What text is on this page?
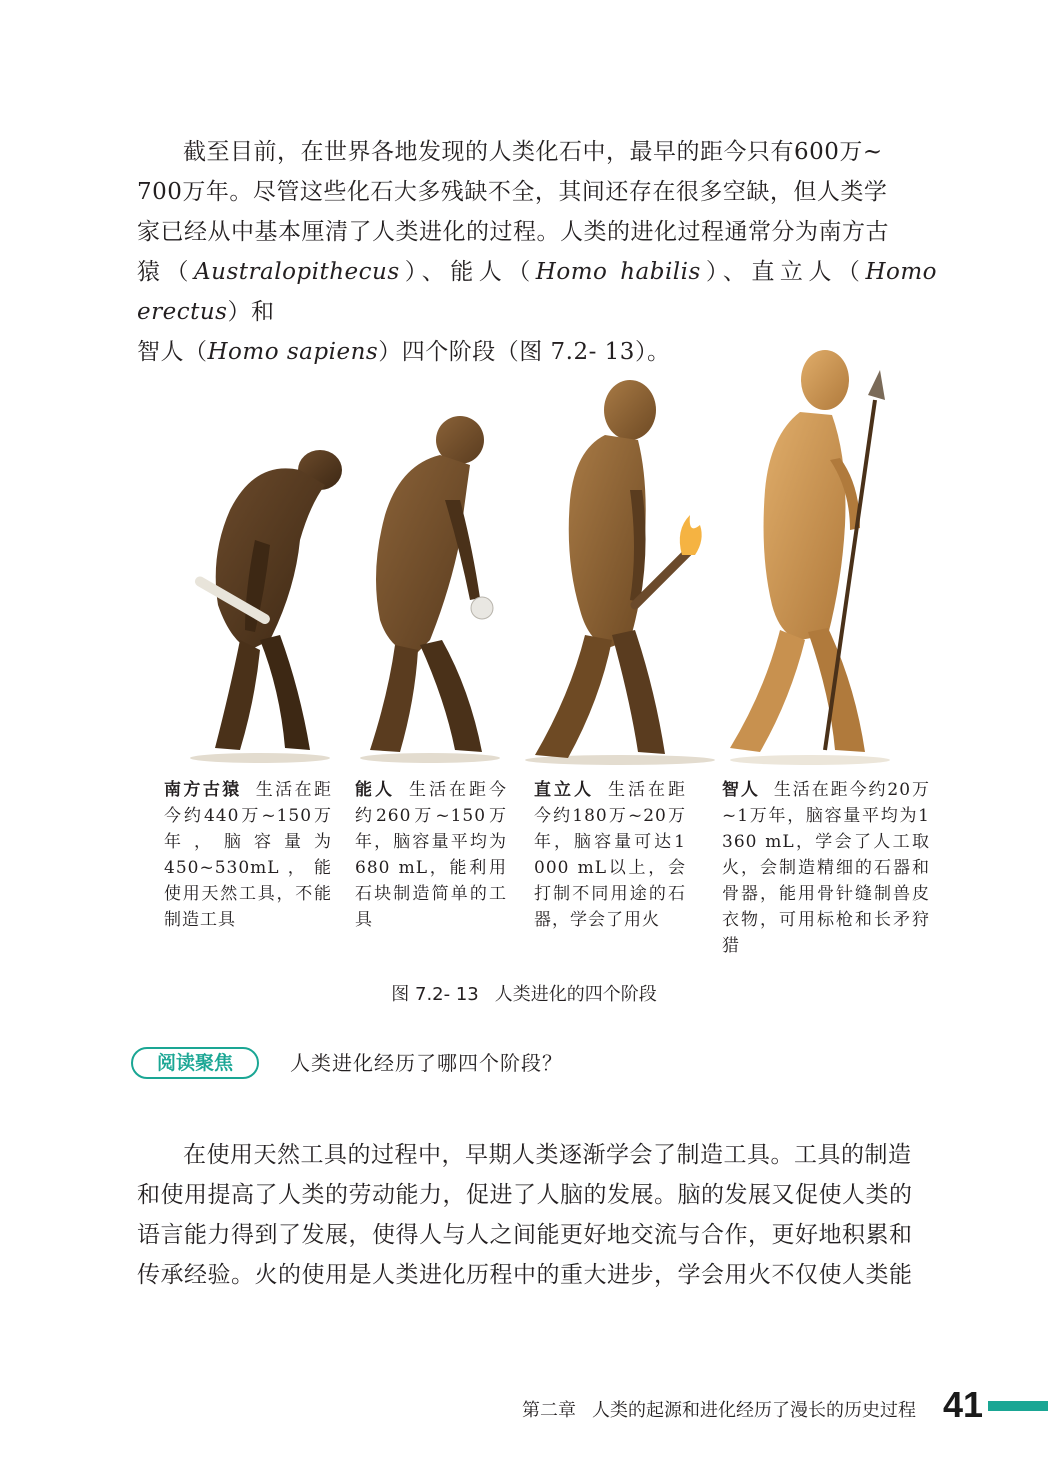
截至目前，在世界各地发现的人类化石中，最早的距今只有600万~

700万年。尽管这些化石大多残缺不全，其间还存在很多空缺，但人类学

家已经从中基本厘清了人类进化的过程。人类的进化过程通常分为南方古

猿（Australopithecus）、能人（Homo habilis）、直立人（Homo erectus）和

智人（Homo sapiens）四个阶段（图 7.2- 13）。

南方古猿 生活在距今约440万~150万年，脑容量为450~530mL，能使用天然工具，不能制造工具
能人 生活在距今约260万~150万年，脑容量平均为680 mL，能利用石块制造简单的工具
直立人 生活在距今约180万~20万年，脑容量可达1 000 mL以上，会打制不同用途的石器，学会了用火
智人 生活在距今约20万~1万年，脑容量平均为1 360 mL，学会了人工取火，会制造精细的石器和骨器，能用骨针缝制兽皮衣物，可用标枪和长矛狩猎
图 7.2- 13 人类进化的四个阶段
阅读聚焦	人类进化经历了哪四个阶段？

在使用天然工具的过程中，早期人类逐渐学会了制造工具。工具的制造

和使用提高了人类的劳动能力，促进了人脑的发展。脑的发展又促使人类的

语言能力得到了发展，使得人与人之间能更好地交流与合作，更好地积累和

传承经验。火的使用是人类进化历程中的重大进步，学会用火不仅使人类能

第二章 人类的起源和进化经历了漫长的历史过程 41
